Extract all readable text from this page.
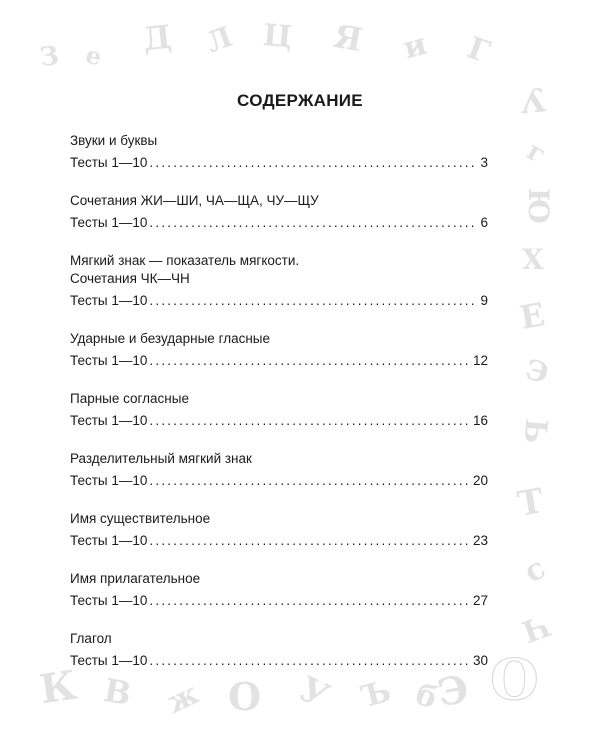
З е Д Л Ц Я и Г
У
г
Ю
Х
Е
Э
Ь
Т
с
Ч
К В ж О У Ъ б
Э О
СОДЕРЖАНИЕ
Звуки и буквы
Тесты 1—10 .....	3
Сочетания ЖИ—ШИ, ЧА—ЩА, ЧУ—ЩУ
Тесты 1—10 .....	6
Мягкий знак — показатель мягкости.
Сочетания ЧК—ЧН
Тесты 1—10 .....	9
Ударные и безударные гласные
Тесты 1—10 .....	12
Парные согласные
Тесты 1—10 .....	16
Разделительный мягкий знак
Тесты 1—10 .....	20
Имя существительное
Тесты 1—10 .....	23
Имя прилагательное
Тесты 1—10 .....	27
Глагол
Тесты 1—10 .....	30
